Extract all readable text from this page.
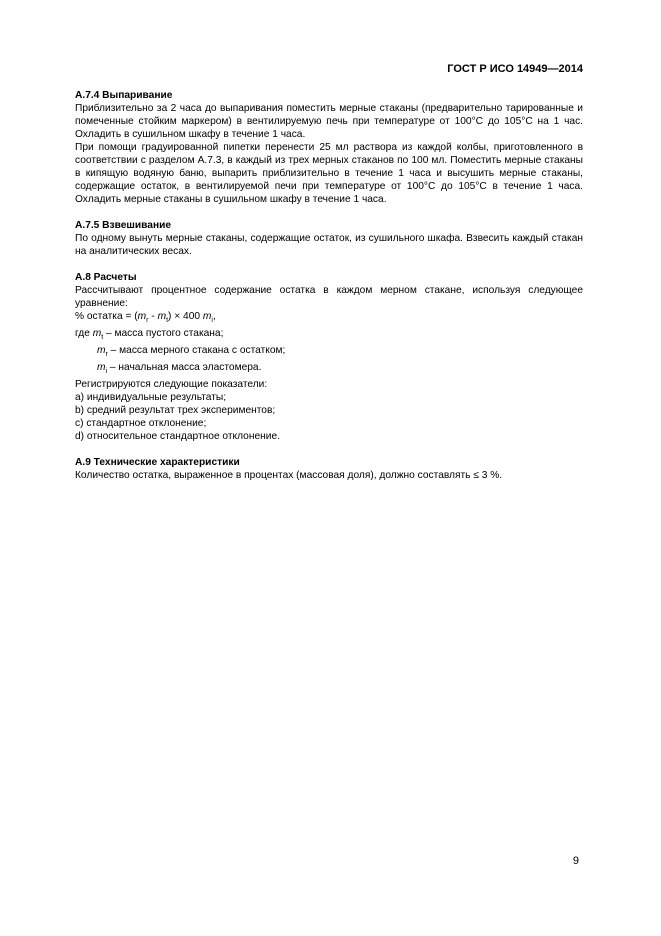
ГОСТ Р ИСО 14949—2014

А.7.4 Выпаривание

Приблизительно за 2 часа до выпаривания поместить мерные стаканы (предварительно тарированные и помеченные стойким маркером) в вентилируемую печь при температуре от 100°C до 105°C на 1 час. Охладить в сушильном шкафу в течение 1 часа.

При помощи градуированной пипетки перенести 25 мл раствора из каждой колбы, приготовленного в соответствии с разделом А.7.3, в каждый из трех мерных стаканов по 100 мл. Поместить мерные стаканы в кипящую водяную баню, выпарить приблизительно в течение 1 часа и высушить мерные стаканы, содержащие остаток, в вентилируемой печи при температуре от 100°C до 105°C в течение 1 часа. Охладить мерные стаканы в сушильном шкафу в течение 1 часа.

А.7.5 Взвешивание

По одному вынуть мерные стаканы, содержащие остаток, из сушильного шкафа. Взвесить каждый стакан на аналитических весах.

А.8 Расчеты

Рассчитывают процентное содержание остатка в каждом мерном стакане, используя следующее уравнение:

% остатка = $(m_r - m_t) \times 400$ $m_i$,

где $m_t$ – масса пустого стакана;

$m_r$ – масса мерного стакана с остатком;

$m_i$ – начальная масса эластомера.

Регистрируются следующие показатели:

a) индивидуальные результаты;

b) средний результат трех экспериментов;

c) стандартное отклонение;

d) относительное стандартное отклонение.

А.9 Технические характеристики

Количество остатка, выраженное в процентах (массовая доля), должно составлять ≤ 3 %.

9
